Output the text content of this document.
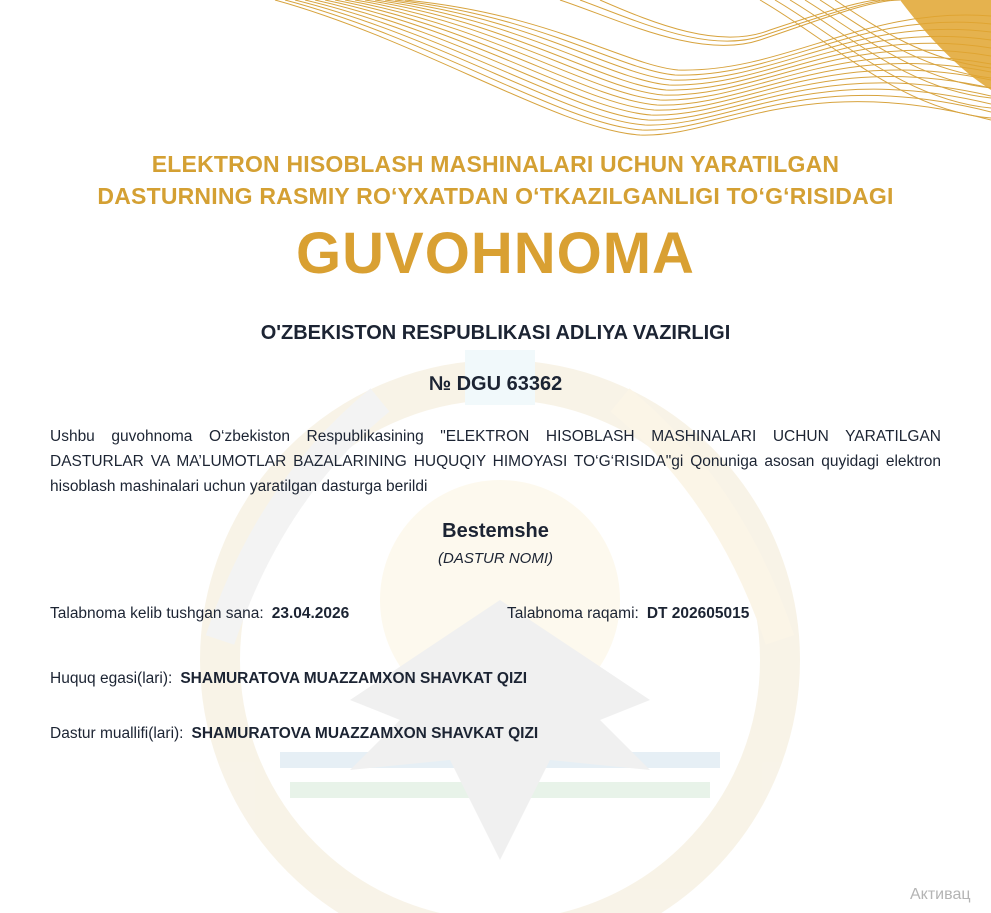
ELEKTRON HISOBLASH MASHINALARI UCHUN YARATILGAN
DASTURNING RASMIY RO‘YXATDAN O‘TKAZILGANLIGI TO‘G‘RISIDAGI
GUVOHNOMA
O'ZBEKISTON RESPUBLIKASI ADLIYA VAZIRLIGI
№ DGU 63362
Ushbu guvohnoma O‘zbekiston Respublikasining "ELEKTRON HISOBLASH MASHINALARI UCHUN YARATILGAN DASTURLAR VA MA’LUMOTLAR BAZALARINING HUQUQIY HIMOYASI TO‘G‘RISIDA"gi Qonuniga asosan quyidagi elektron hisoblash mashinalari uchun yaratilgan dasturga berildi
Bestemshe
(DASTUR NOMI)
Talabnoma kelib tushgan sana: 23.04.2026	Talabnoma raqami: DT 202605015
Huquq egasi(lari): SHAMURATOVA MUAZZAMXON SHAVKAT QIZI
Dastur muallifi(lari): SHAMURATOVA MUAZZAMXON SHAVKAT QIZI
Активац
